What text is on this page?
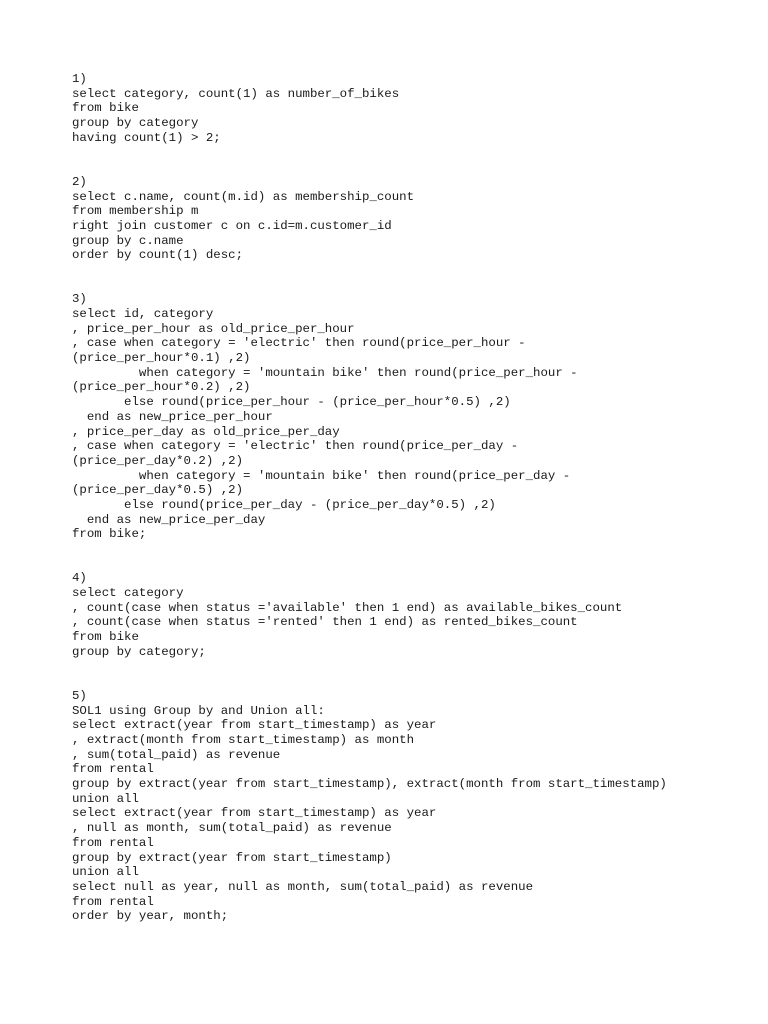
1)
select category, count(1) as number_of_bikes
from bike
group by category
having count(1) > 2;
2)
select c.name, count(m.id) as membership_count
from membership m
right join customer c on c.id=m.customer_id
group by c.name
order by count(1) desc;
3)
select id, category
, price_per_hour as old_price_per_hour
, case when category = 'electric' then round(price_per_hour -
(price_per_hour*0.1) ,2)
when category = 'mountain bike' then round(price_per_hour -
(price_per_hour*0.2) ,2)
else round(price_per_hour - (price_per_hour*0.5) ,2)
end as new_price_per_hour
, price_per_day as old_price_per_day
, case when category = 'electric' then round(price_per_day -
(price_per_day*0.2) ,2)
when category = 'mountain bike' then round(price_per_day -
(price_per_day*0.5) ,2)
else round(price_per_day - (price_per_day*0.5) ,2)
end as new_price_per_day
from bike;
4)
select category
, count(case when status ='available' then 1 end) as available_bikes_count
, count(case when status ='rented' then 1 end) as rented_bikes_count
from bike
group by category;
5)
SOL1 using Group by and Union all:
select extract(year from start_timestamp) as year
, extract(month from start_timestamp) as month
, sum(total_paid) as revenue
from rental
group by extract(year from start_timestamp), extract(month from start_timestamp)
union all
select extract(year from start_timestamp) as year
, null as month, sum(total_paid) as revenue
from rental
group by extract(year from start_timestamp)
union all
select null as year, null as month, sum(total_paid) as revenue
from rental
order by year, month;
